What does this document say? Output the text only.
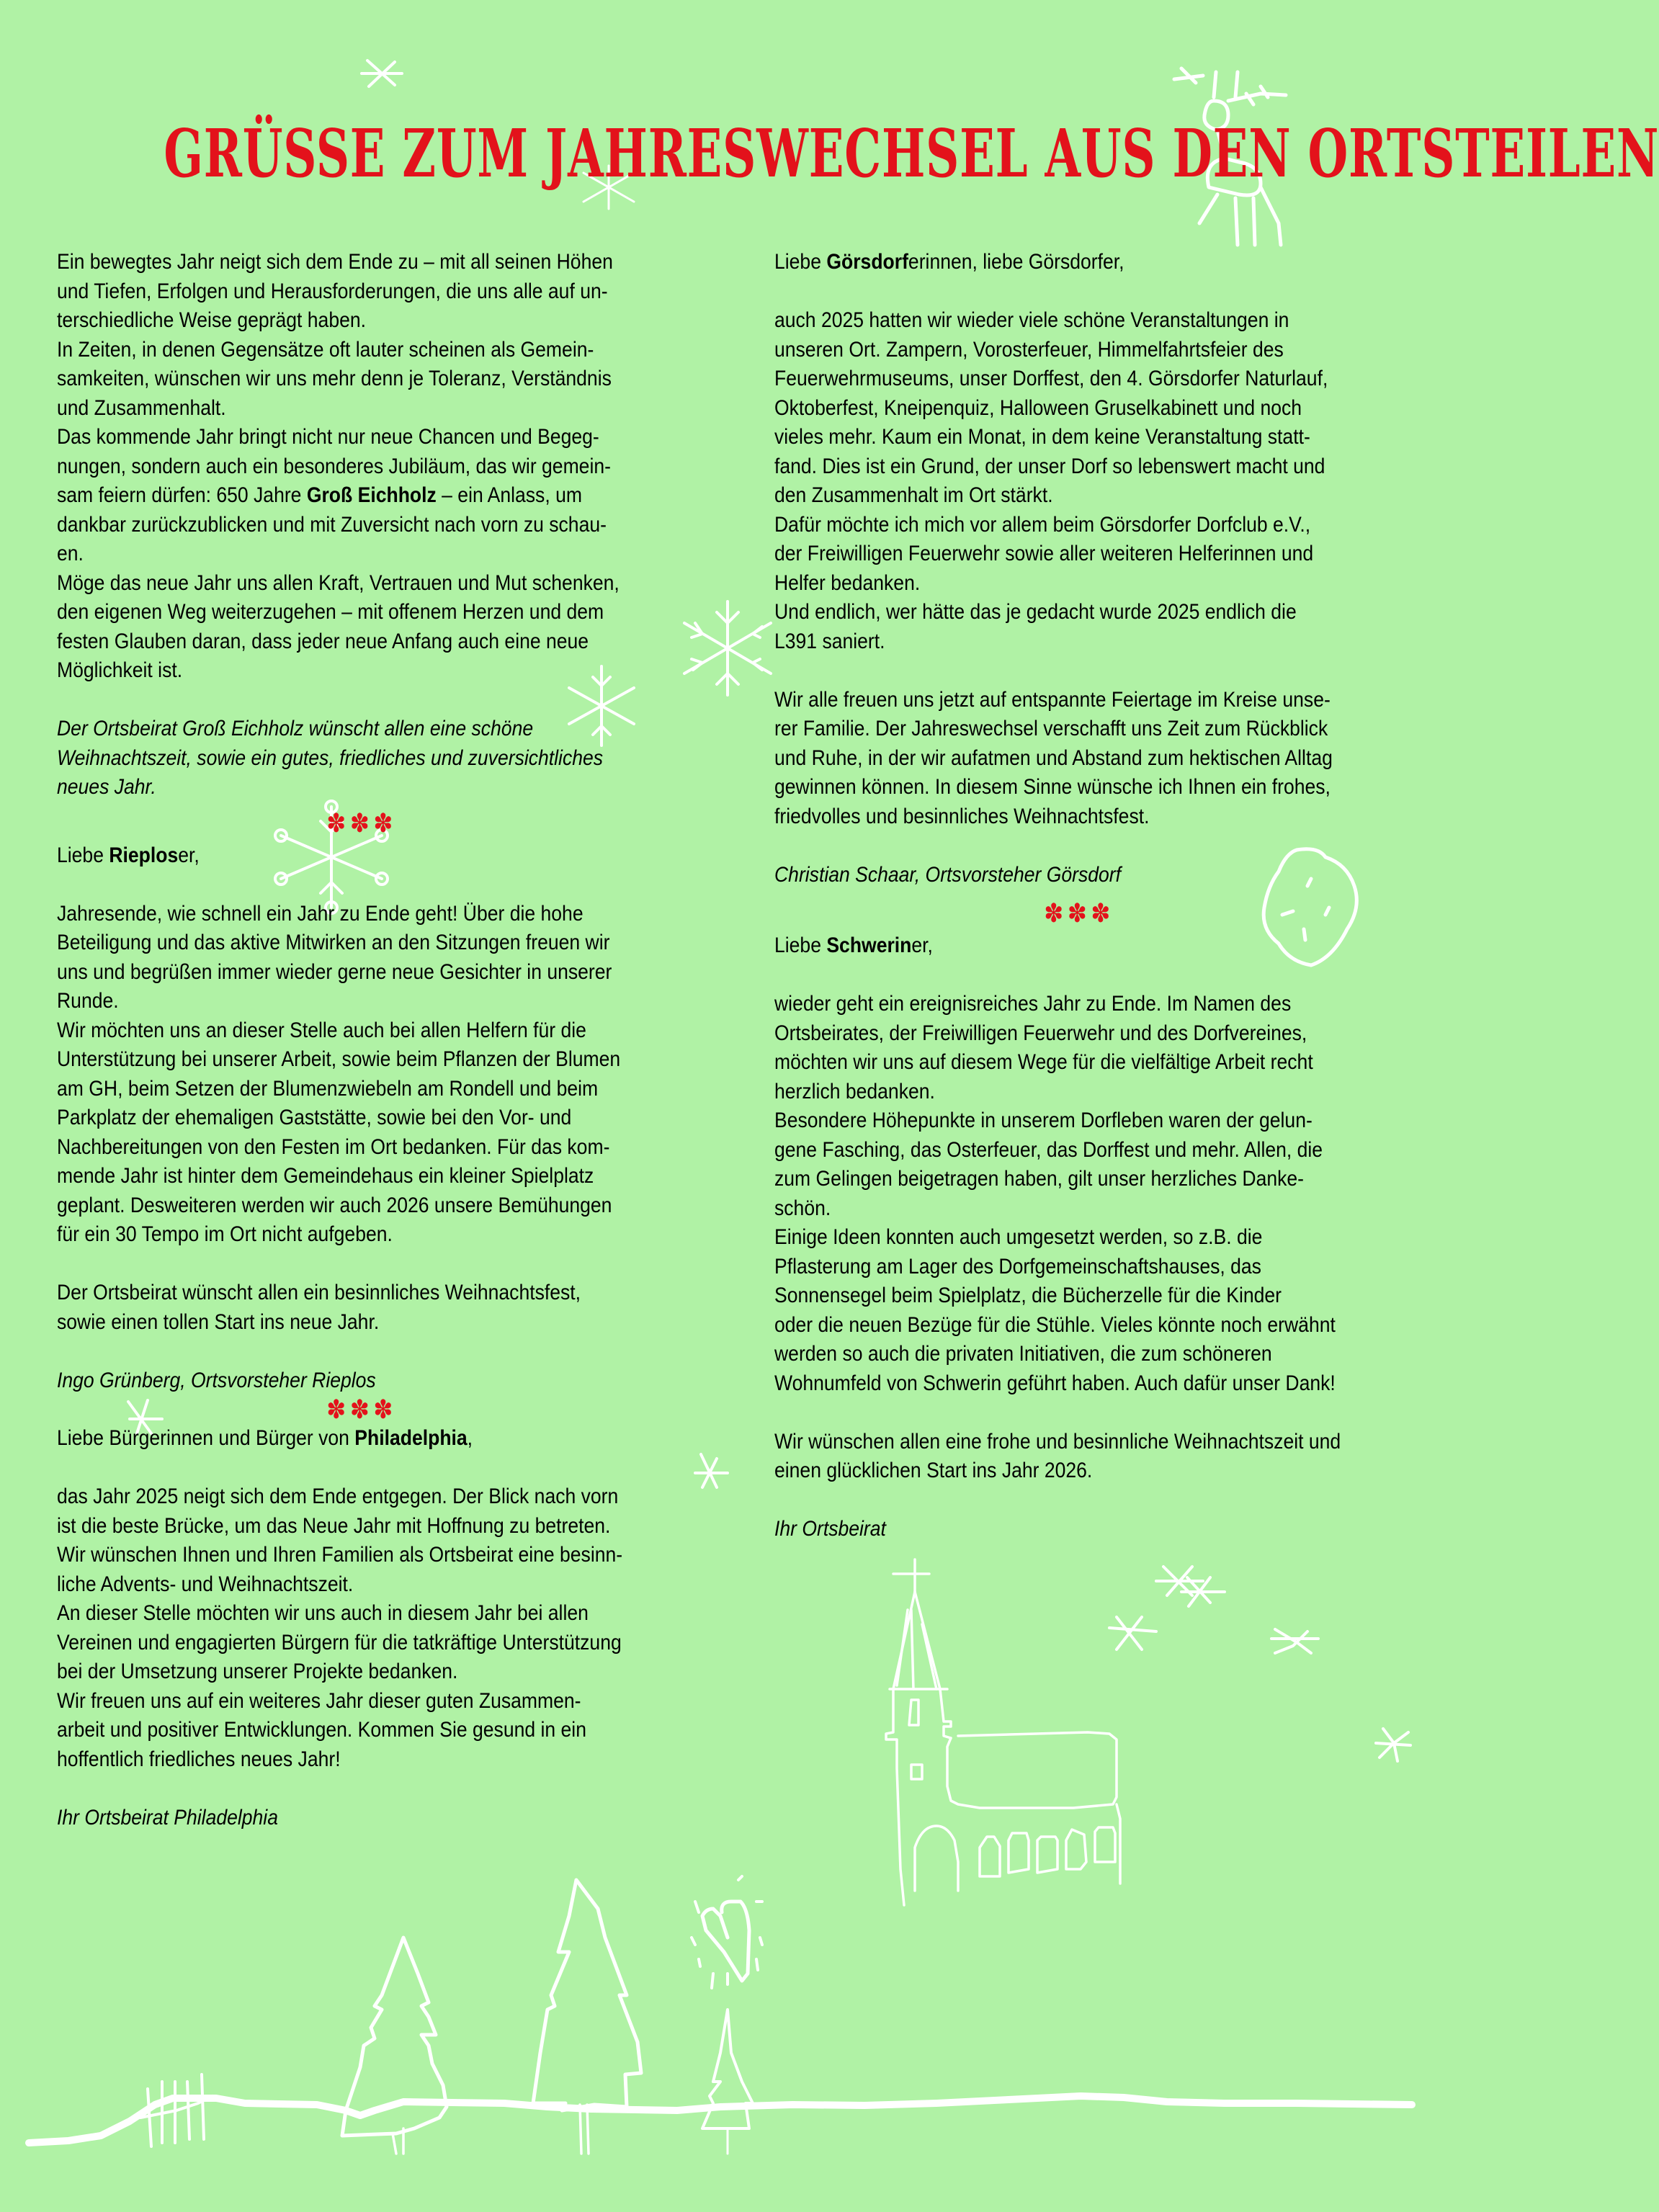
GRÜSSE ZUM JAHRESWECHSEL AUS DEN ORTSTEILEN

Ein bewegtes Jahr neigt sich dem Ende zu – mit all seinen Höhen

und Tiefen, Erfolgen und Herausforderungen, die uns alle auf un-

terschiedliche Weise geprägt haben.

In Zeiten, in denen Gegensätze oft lauter scheinen als Gemein-

samkeiten, wünschen wir uns mehr denn je Toleranz, Verständnis

und Zusammenhalt.

Das kommende Jahr bringt nicht nur neue Chancen und Begeg-

nungen, sondern auch ein besonderes Jubiläum, das wir gemein-

sam feiern dürfen: 650 Jahre Groß Eichholz – ein Anlass, um

dankbar zurückzublicken und mit Zuversicht nach vorn zu schau-

en.

Möge das neue Jahr uns allen Kraft, Vertrauen und Mut schenken,

den eigenen Weg weiterzugehen – mit offenem Herzen und dem

festen Glauben daran, dass jeder neue Anfang auch eine neue

Möglichkeit ist.

Der Ortsbeirat Groß Eichholz wünscht allen eine schöne

Weihnachtszeit, sowie ein gutes, friedliches und zuversichtliches

neues Jahr.

✽✽✽

Liebe Rieploser,

Jahresende, wie schnell ein Jahr zu Ende geht! Über die hohe

Beteiligung und das aktive Mitwirken an den Sitzungen freuen wir

uns und begrüßen immer wieder gerne neue Gesichter in unserer

Runde.

Wir möchten uns an dieser Stelle auch bei allen Helfern für die

Unterstützung bei unserer Arbeit, sowie beim Pflanzen der Blumen

am GH, beim Setzen der Blumenzwiebeln am Rondell und beim

Parkplatz der ehemaligen Gaststätte, sowie bei den Vor- und

Nachbereitungen von den Festen im Ort bedanken. Für das kom-

mende Jahr ist hinter dem Gemeindehaus ein kleiner Spielplatz

geplant. Desweiteren werden wir auch 2026 unsere Bemühungen

für ein 30 Tempo im Ort nicht aufgeben.

Der Ortsbeirat wünscht allen ein besinnliches Weihnachtsfest,

sowie einen tollen Start ins neue Jahr.

Ingo Grünberg, Ortsvorsteher Rieplos

✽✽✽

Liebe Bürgerinnen und Bürger von Philadelphia,

das Jahr 2025 neigt sich dem Ende entgegen. Der Blick nach vorn

ist die beste Brücke, um das Neue Jahr mit Hoffnung zu betreten.

Wir wünschen Ihnen und Ihren Familien als Ortsbeirat eine besinn-

liche Advents- und Weihnachtszeit.

An dieser Stelle möchten wir uns auch in diesem Jahr bei allen

Vereinen und engagierten Bürgern für die tatkräftige Unterstützung

bei der Umsetzung unserer Projekte bedanken.

Wir freuen uns auf ein weiteres Jahr dieser guten Zusammen-

arbeit und positiver Entwicklungen. Kommen Sie gesund in ein

hoffentlich friedliches neues Jahr!

Ihr Ortsbeirat Philadelphia

Liebe Görsdorferinnen, liebe Görsdorfer,

auch 2025 hatten wir wieder viele schöne Veranstaltungen in

unseren Ort. Zampern, Vorosterfeuer, Himmelfahrtsfeier des

Feuerwehrmuseums, unser Dorffest, den 4. Görsdorfer Naturlauf,

Oktoberfest, Kneipenquiz, Halloween Gruselkabinett und noch

vieles mehr. Kaum ein Monat, in dem keine Veranstaltung statt-

fand. Dies ist ein Grund, der unser Dorf so lebenswert macht und

den Zusammenhalt im Ort stärkt.

Dafür möchte ich mich vor allem beim Görsdorfer Dorfclub e.V.,

der Freiwilligen Feuerwehr sowie aller weiteren Helferinnen und

Helfer bedanken.

Und endlich, wer hätte das je gedacht wurde 2025 endlich die

L391 saniert.

Wir alle freuen uns jetzt auf entspannte Feiertage im Kreise unse-

rer Familie. Der Jahreswechsel verschafft uns Zeit zum Rückblick

und Ruhe, in der wir aufatmen und Abstand zum hektischen Alltag

gewinnen können. In diesem Sinne wünsche ich Ihnen ein frohes,

friedvolles und besinnliches Weihnachtsfest.

Christian Schaar, Ortsvorsteher Görsdorf

✽✽✽

Liebe Schweriner,

wieder geht ein ereignisreiches Jahr zu Ende. Im Namen des

Ortsbeirates, der Freiwilligen Feuerwehr und des Dorfvereines,

möchten wir uns auf diesem Wege für die vielfältige Arbeit recht

herzlich bedanken.

Besondere Höhepunkte in unserem Dorfleben waren der gelun-

gene Fasching, das Osterfeuer, das Dorffest und mehr. Allen, die

zum Gelingen beigetragen haben, gilt unser herzliches Danke-

schön.

Einige Ideen konnten auch umgesetzt werden, so z.B. die

Pflasterung am Lager des Dorfgemeinschaftshauses, das

Sonnensegel beim Spielplatz, die Bücherzelle für die Kinder

oder die neuen Bezüge für die Stühle. Vieles könnte noch erwähnt

werden so auch die privaten Initiativen, die zum schöneren

Wohnumfeld von Schwerin geführt haben. Auch dafür unser Dank!

Wir wünschen allen eine frohe und besinnliche Weihnachtszeit und

einen glücklichen Start ins Jahr 2026.

Ihr Ortsbeirat
